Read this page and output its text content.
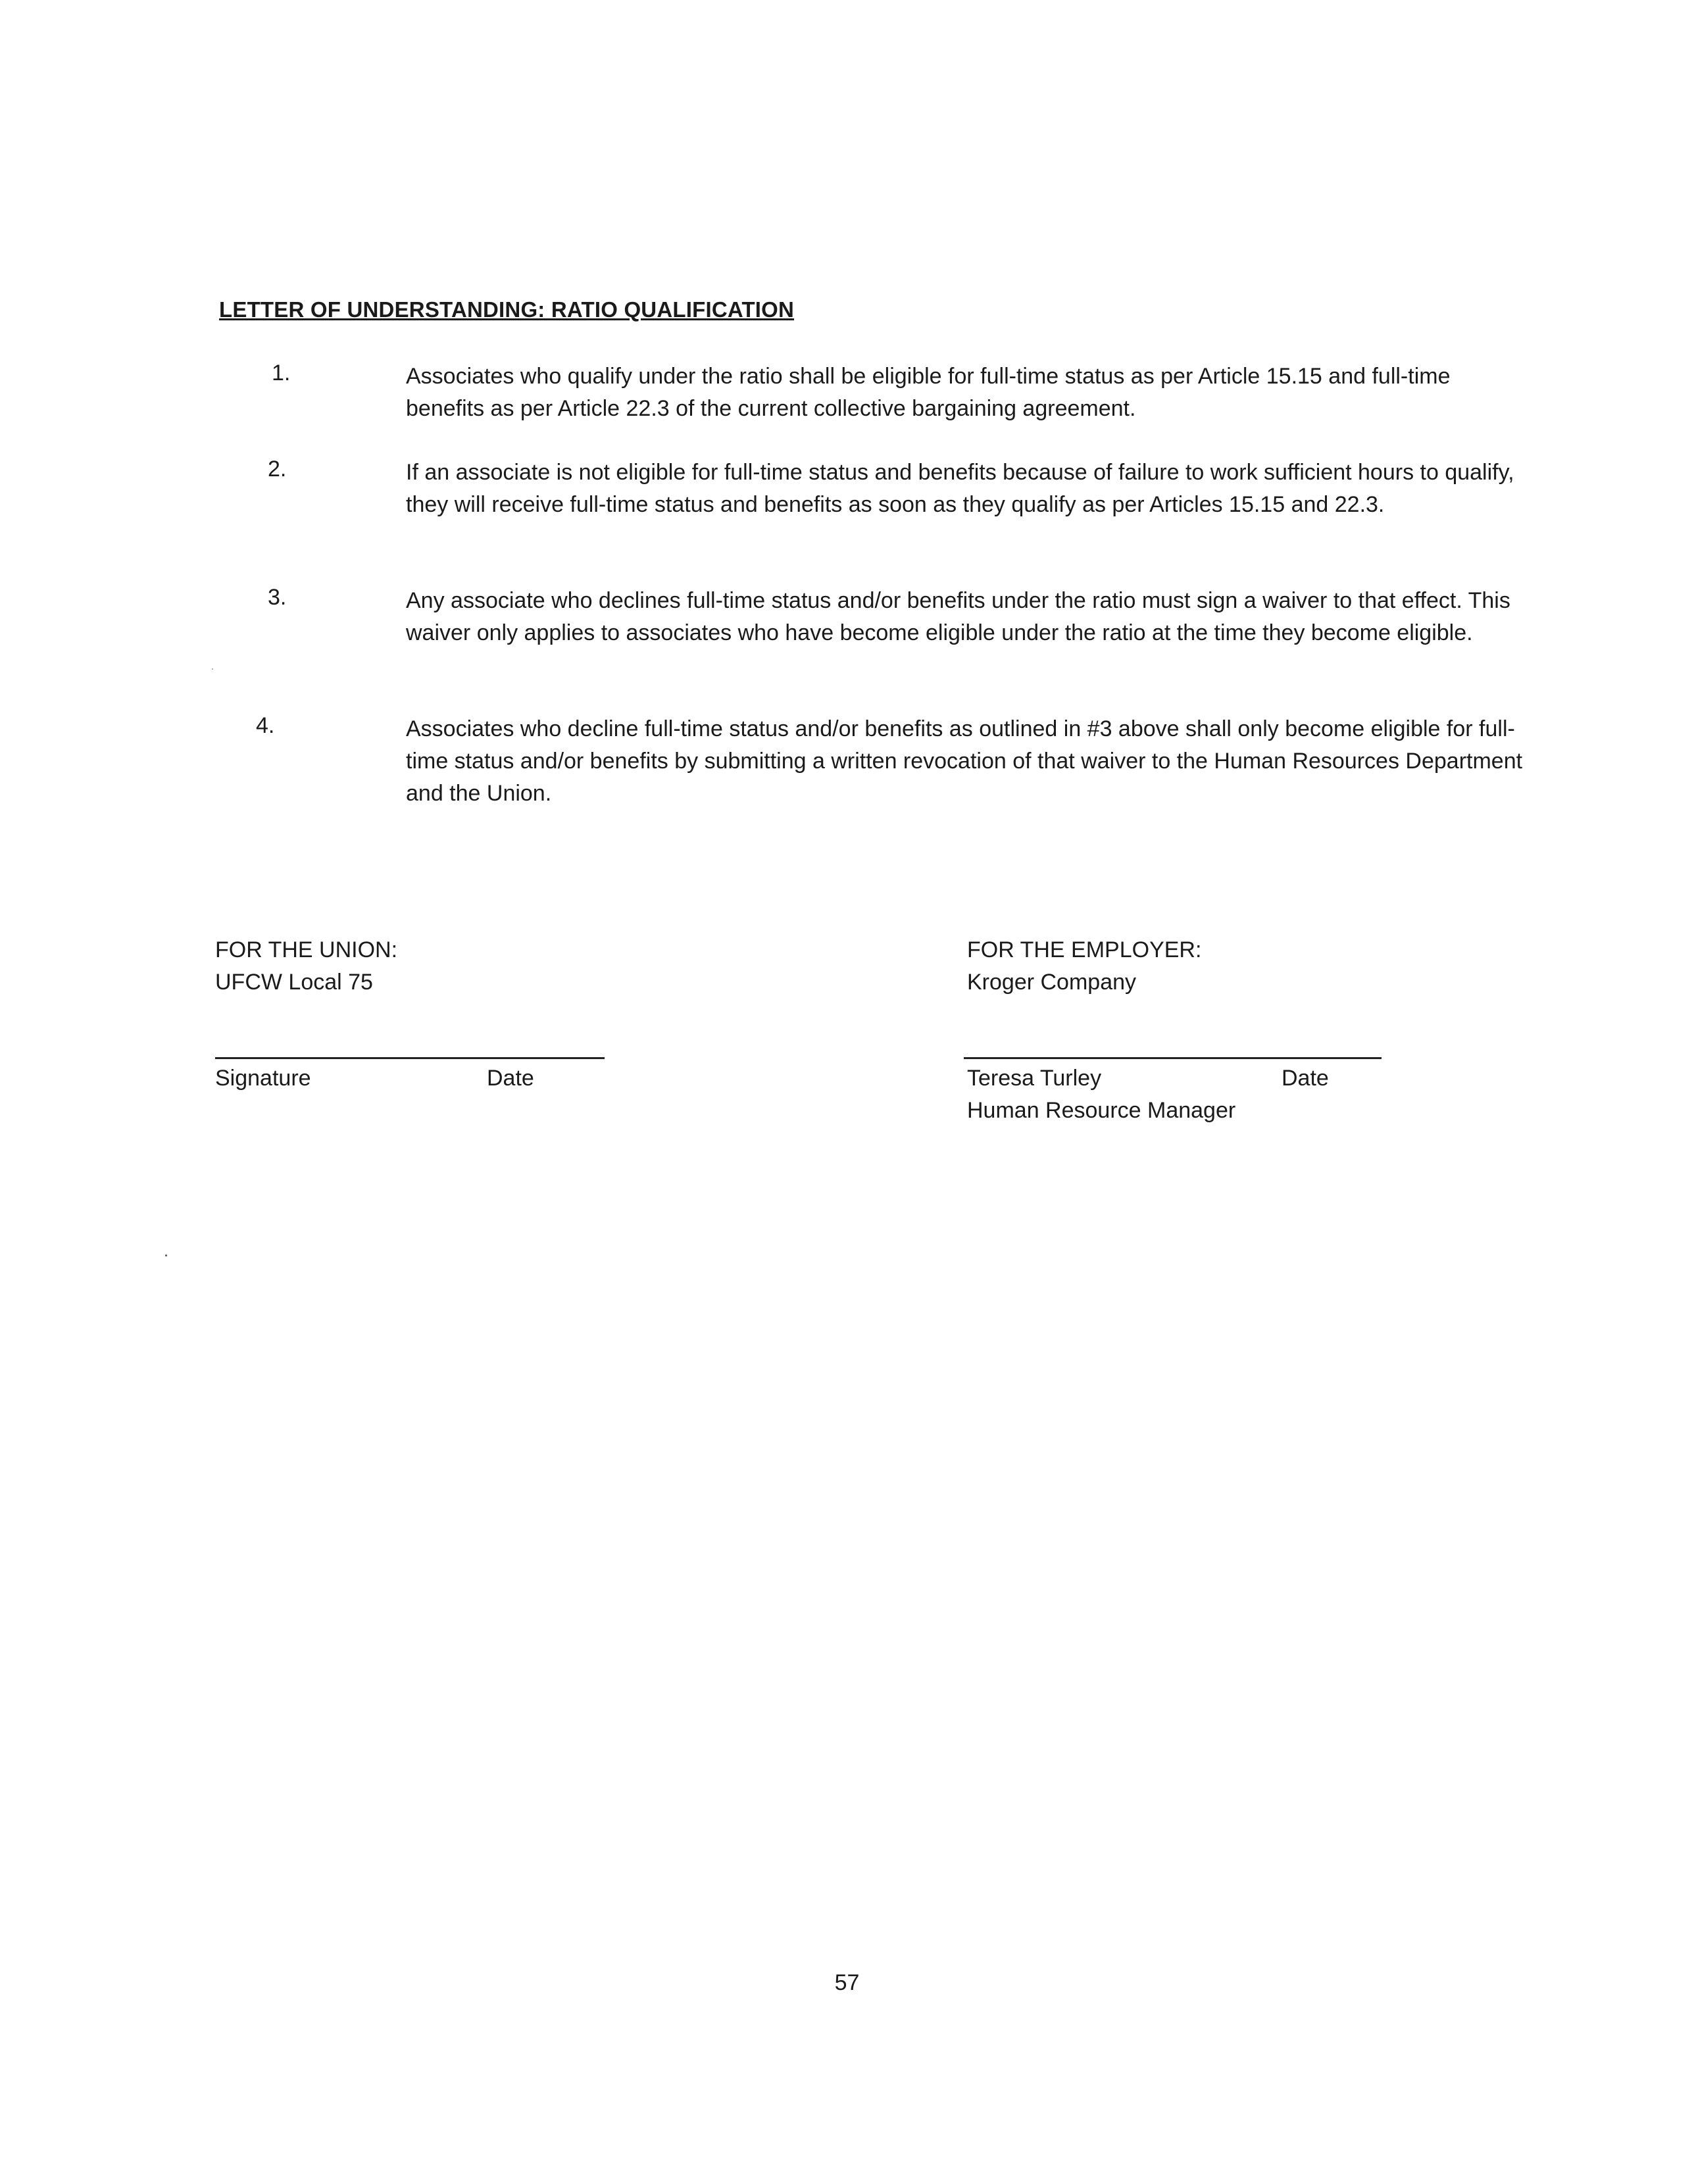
LETTER OF UNDERSTANDING: RATIO QUALIFICATION
1.	Associates who qualify under the ratio shall be eligible for full-time status as per Article 15.15 and full-time benefits as per Article 22.3 of the current collective bargaining agreement.
2.	If an associate is not eligible for full-time status and benefits because of failure to work sufficient hours to qualify, they will receive full-time status and benefits as soon as they qualify as per Articles 15.15 and 22.3.
3.	Any associate who declines full-time status and/or benefits under the ratio must sign a waiver to that effect. This waiver only applies to associates who have become eligible under the ratio at the time they become eligible.
4.	Associates who decline full-time status and/or benefits as outlined in #3 above shall only become eligible for full-time status and/or benefits by submitting a written revocation of that waiver to the Human Resources Department and the Union.
FOR THE UNION:
UFCW Local 75
FOR THE EMPLOYER:
Kroger Company
Signature	Date	Teresa Turley	Date
Human Resource Manager
57
